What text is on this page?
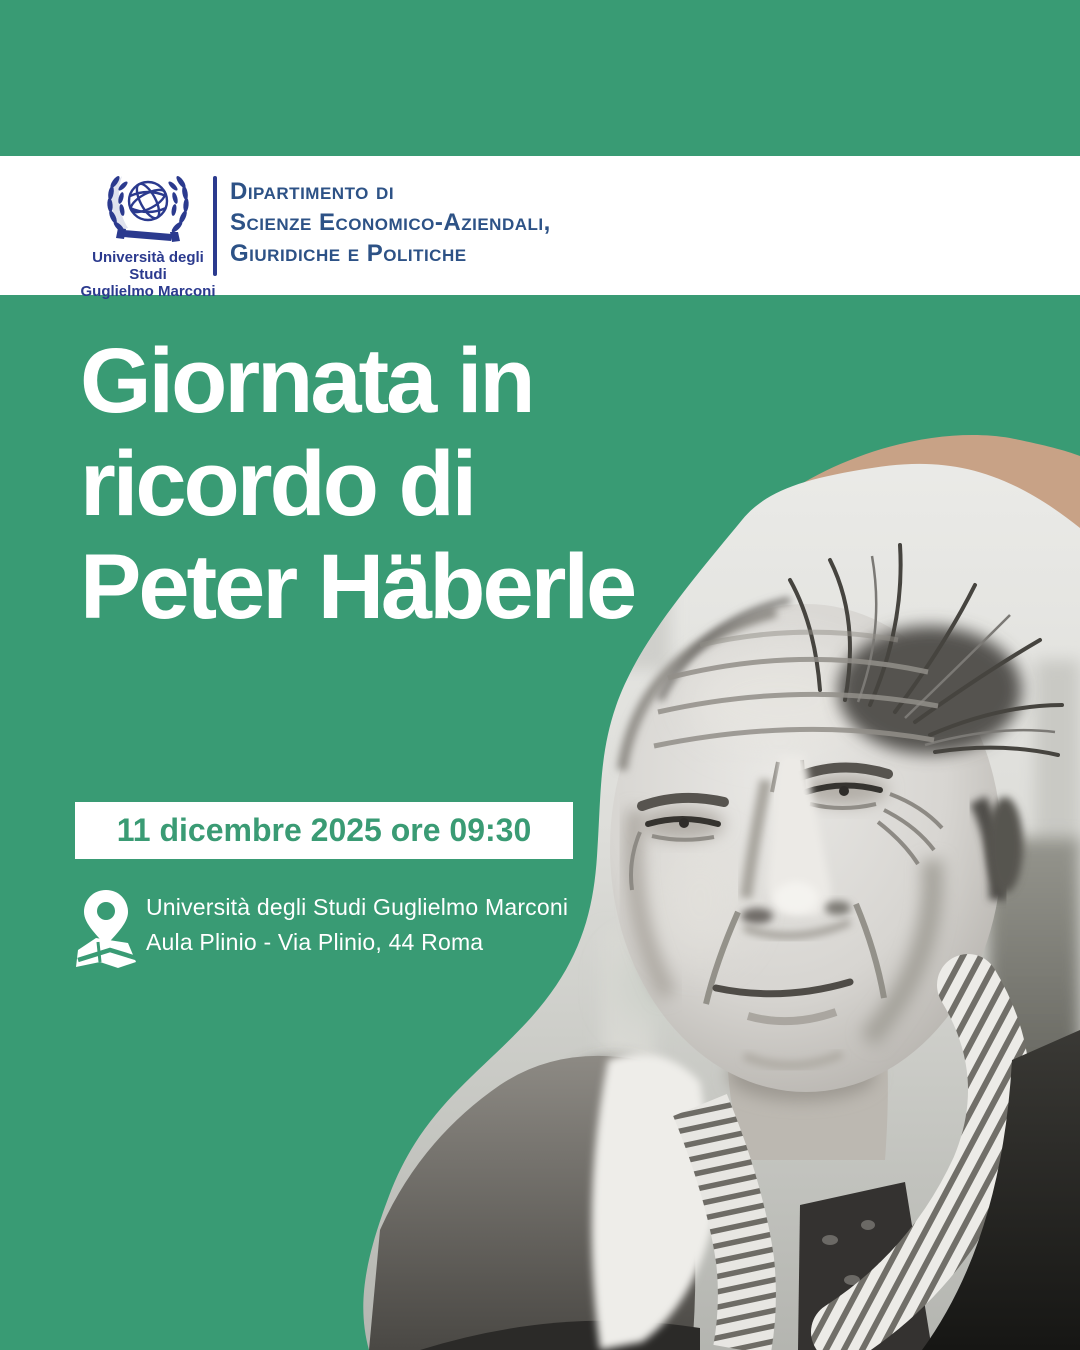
Università degli Studi
Guglielmo Marconi
Dipartimento di
Scienze Economico-Aziendali,
Giuridiche e Politiche
Giornata in
ricordo di
Peter Häberle
11 dicembre 2025 ore 09:30
Università degli Studi Guglielmo Marconi
Aula Plinio - Via Plinio, 44 Roma
